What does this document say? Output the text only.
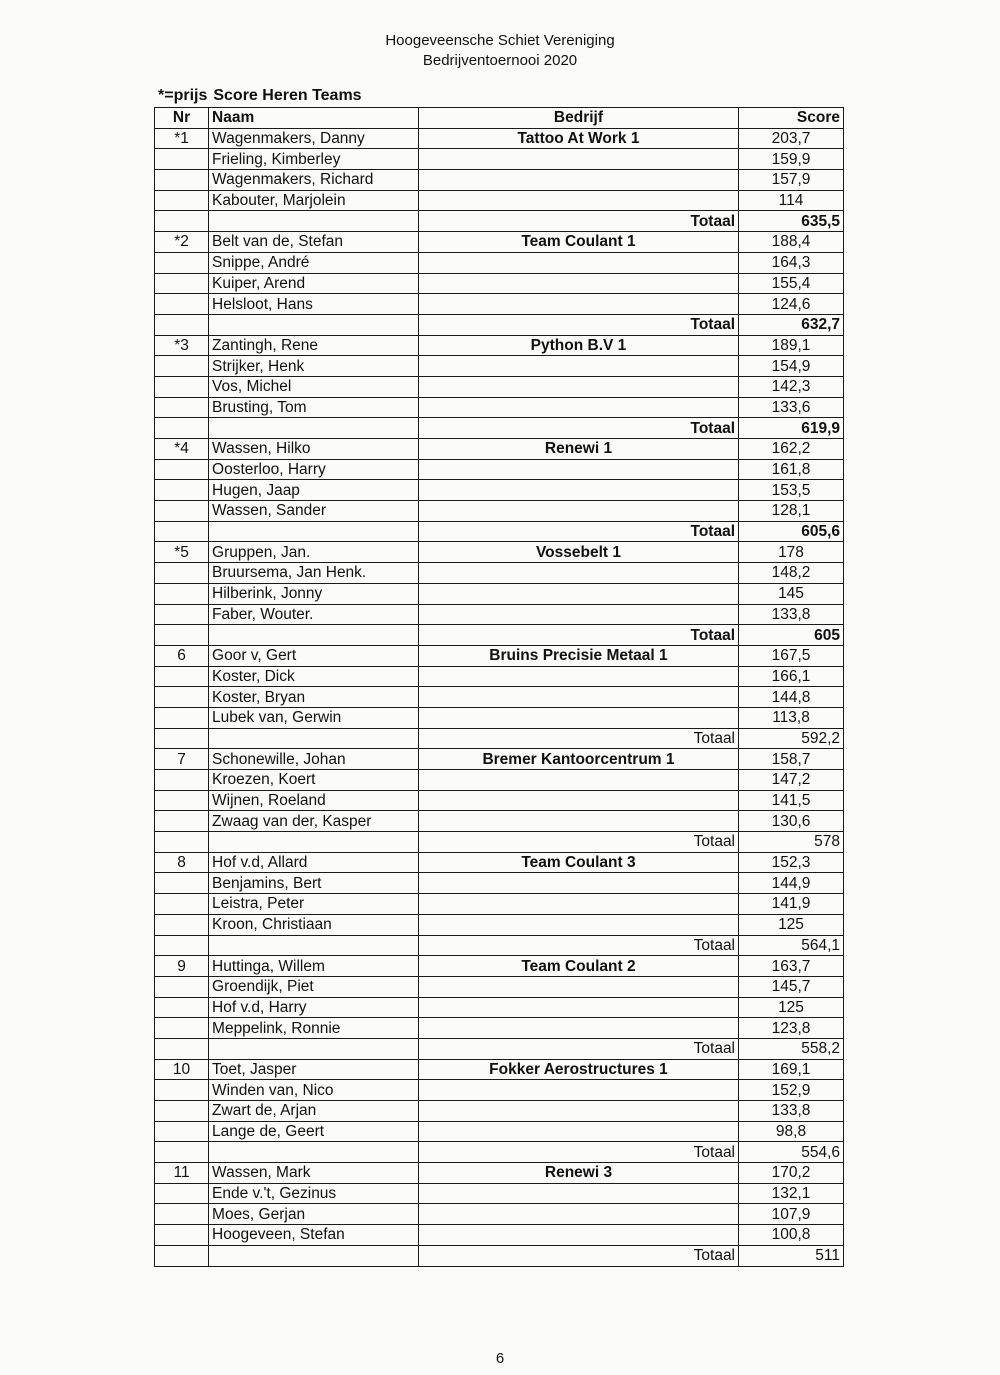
Hoogeveensche Schiet Vereniging
Bedrijventoernooi 2020
*=prijs Score Heren Teams
Nr	Naam	Bedrijf	Score
*1	Wagenmakers, Danny	Tattoo At Work 1	203,7
	Frieling, Kimberley		159,9
	Wagenmakers, Richard		157,9
	Kabouter, Marjolein		114
		Totaal	635,5
*2	Belt van de, Stefan	Team Coulant 1	188,4
	Snippe, André		164,3
	Kuiper, Arend		155,4
	Helsloot, Hans		124,6
		Totaal	632,7
*3	Zantingh, Rene	Python B.V 1	189,1
	Strijker, Henk		154,9
	Vos, Michel		142,3
	Brusting, Tom		133,6
		Totaal	619,9
*4	Wassen, Hilko	Renewi 1	162,2
	Oosterloo, Harry		161,8
	Hugen, Jaap		153,5
	Wassen, Sander		128,1
		Totaal	605,6
*5	Gruppen, Jan.	Vossebelt 1	178
	Bruursema, Jan Henk.		148,2
	Hilberink, Jonny		145
	Faber, Wouter.		133,8
		Totaal	605
6	Goor v, Gert	Bruins Precisie Metaal 1	167,5
	Koster, Dick		166,1
	Koster, Bryan		144,8
	Lubek van, Gerwin		113,8
		Totaal	592,2
7	Schonewille, Johan	Bremer Kantoorcentrum 1	158,7
	Kroezen, Koert		147,2
	Wijnen, Roeland		141,5
	Zwaag van der, Kasper		130,6
		Totaal	578
8	Hof v.d, Allard	Team Coulant 3	152,3
	Benjamins, Bert		144,9
	Leistra, Peter		141,9
	Kroon, Christiaan		125
		Totaal	564,1
9	Huttinga, Willem	Team Coulant 2	163,7
	Groendijk, Piet		145,7
	Hof v.d, Harry		125
	Meppelink, Ronnie		123,8
		Totaal	558,2
10	Toet, Jasper	Fokker Aerostructures 1	169,1
	Winden van, Nico		152,9
	Zwart de, Arjan		133,8
	Lange de, Geert		98,8
		Totaal	554,6
11	Wassen, Mark	Renewi 3	170,2
	Ende v.'t, Gezinus		132,1
	Moes, Gerjan		107,9
	Hoogeveen, Stefan		100,8
		Totaal	511
6
